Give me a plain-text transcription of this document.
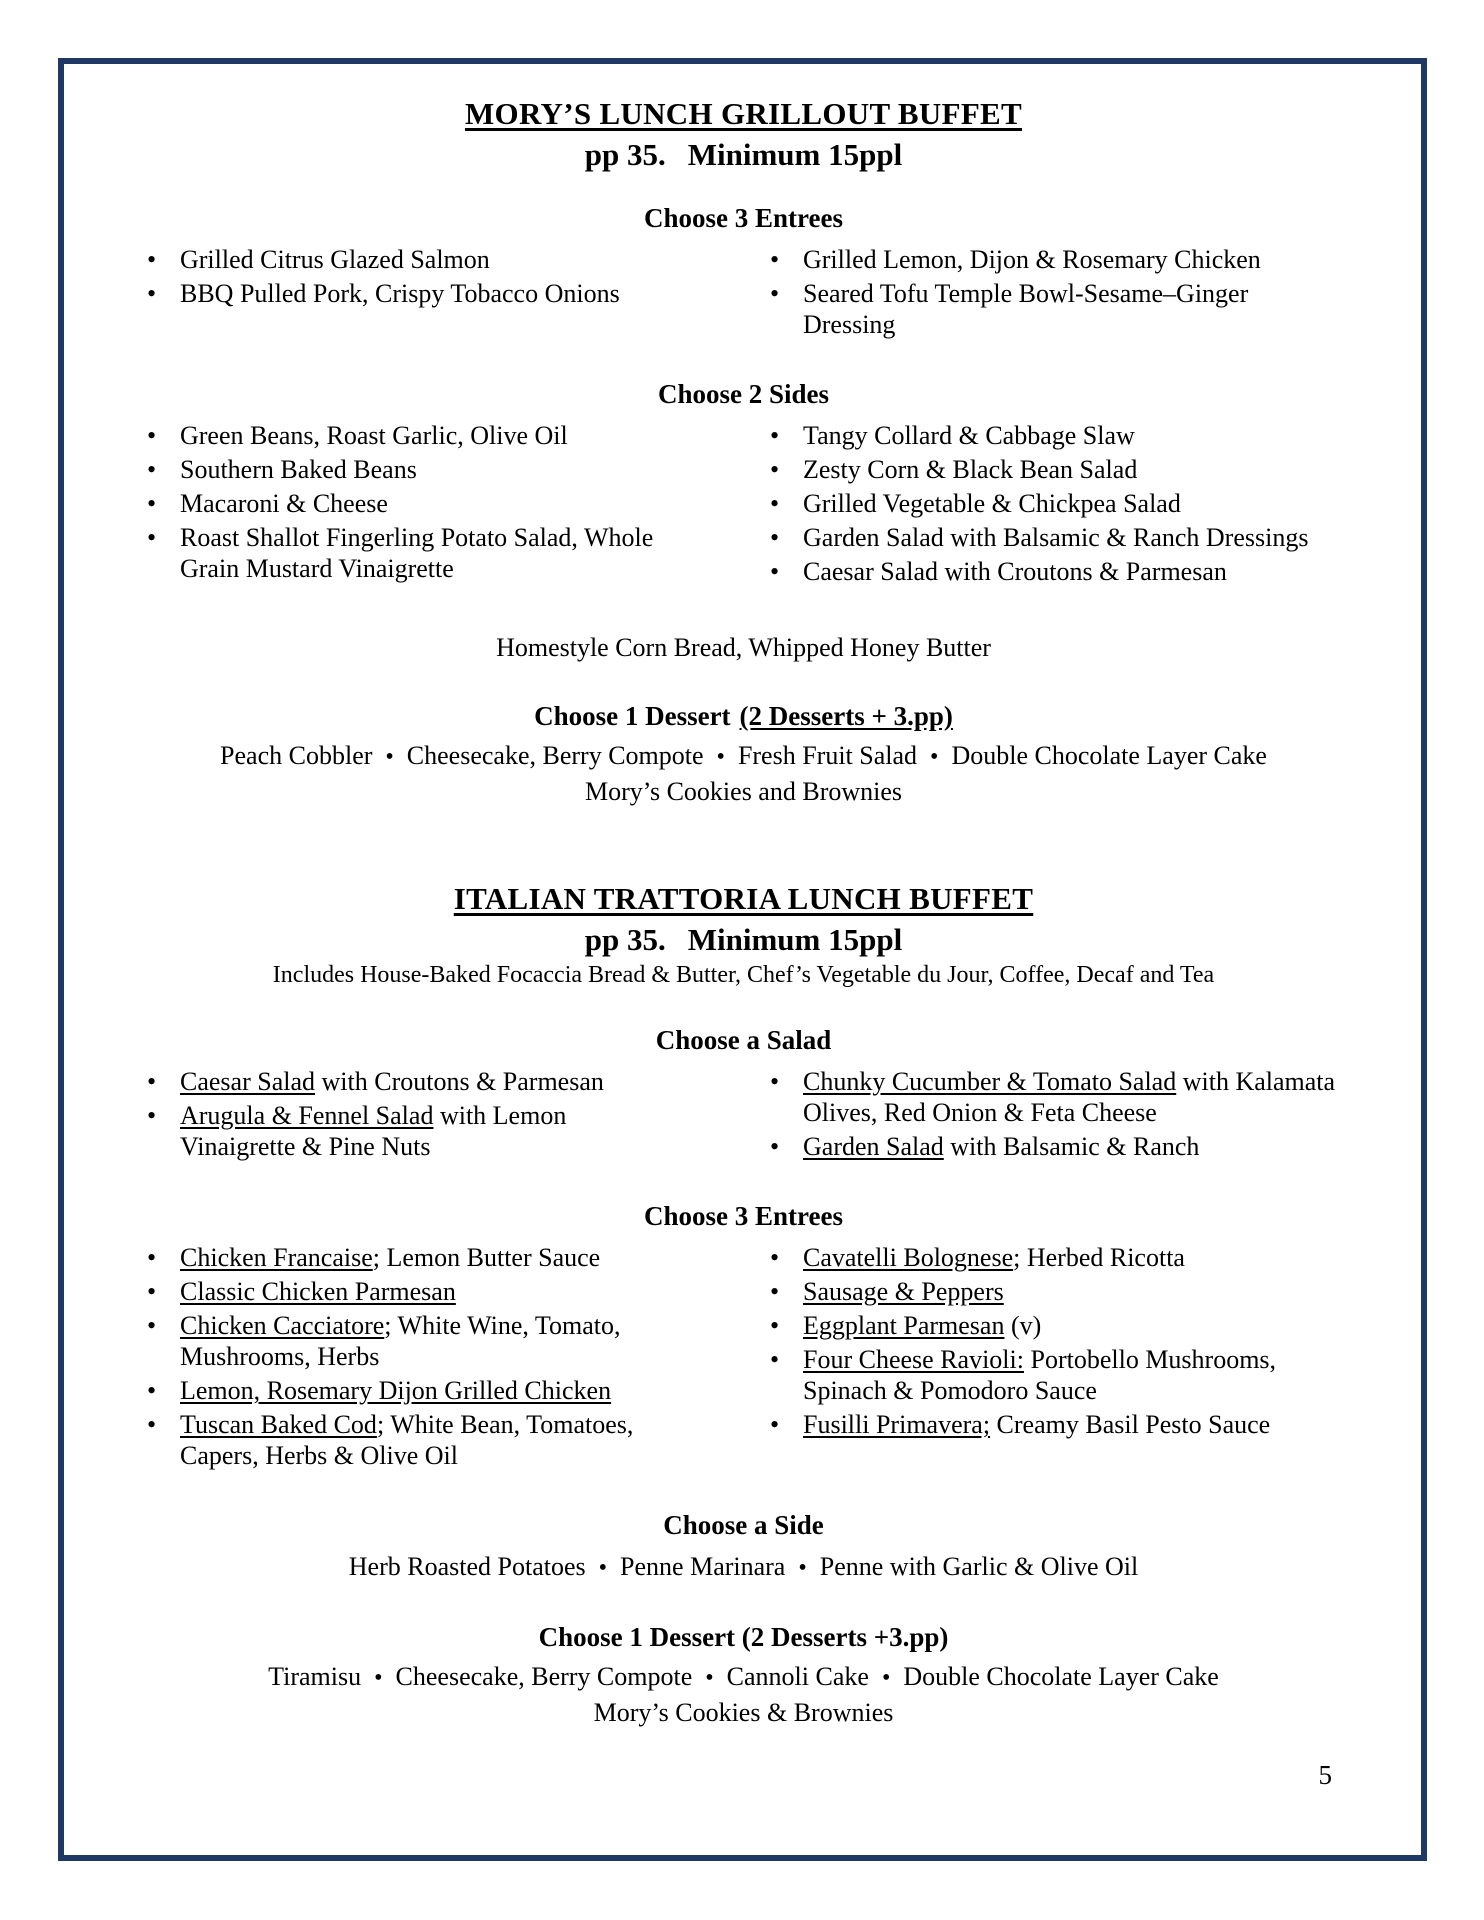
MORY’S LUNCH GRILLOUT BUFFET
pp 35. Minimum 15ppl
Choose 3 Entrees
• Grilled Citrus Glazed Salmon
• BBQ Pulled Pork, Crispy Tobacco Onions
• Grilled Lemon, Dijon & Rosemary Chicken
• Seared Tofu Temple Bowl-Sesame–Ginger Dressing
Choose 2 Sides
• Green Beans, Roast Garlic, Olive Oil
• Southern Baked Beans
• Macaroni & Cheese
• Roast Shallot Fingerling Potato Salad, Whole Grain Mustard Vinaigrette
• Tangy Collard & Cabbage Slaw
• Zesty Corn & Black Bean Salad
• Grilled Vegetable & Chickpea Salad
• Garden Salad with Balsamic & Ranch Dressings
• Caesar Salad with Croutons & Parmesan

Homestyle Corn Bread, Whipped Honey Butter

Choose 1 Dessert (2 Desserts + 3.pp)

Peach Cobbler • Cheesecake, Berry Compote • Fresh Fruit Salad • Double Chocolate Layer Cake

Mory’s Cookies and Brownies

ITALIAN TRATTORIA LUNCH BUFFET
pp 35. Minimum 15ppl

Includes House-Baked Focaccia Bread & Butter, Chef’s Vegetable du Jour, Coffee, Decaf and Tea

Choose a Salad
• Caesar Salad with Croutons & Parmesan
• Arugula & Fennel Salad with Lemon Vinaigrette & Pine Nuts
• Chunky Cucumber & Tomato Salad with Kalamata Olives, Red Onion & Feta Cheese
• Garden Salad with Balsamic & Ranch
Choose 3 Entrees
• Chicken Francaise; Lemon Butter Sauce
• Classic Chicken Parmesan
• Chicken Cacciatore; White Wine, Tomato, Mushrooms, Herbs
• Lemon, Rosemary Dijon Grilled Chicken
• Tuscan Baked Cod; White Bean, Tomatoes, Capers, Herbs & Olive Oil
• Cavatelli Bolognese; Herbed Ricotta
• Sausage & Peppers
• Eggplant Parmesan (v)
• Four Cheese Ravioli: Portobello Mushrooms, Spinach & Pomodoro Sauce
• Fusilli Primavera; Creamy Basil Pesto Sauce
Choose a Side

Herb Roasted Potatoes • Penne Marinara • Penne with Garlic & Olive Oil

Choose 1 Dessert (2 Desserts +3.pp)

Tiramisu • Cheesecake, Berry Compote • Cannoli Cake • Double Chocolate Layer Cake

Mory’s Cookies & Brownies

5
